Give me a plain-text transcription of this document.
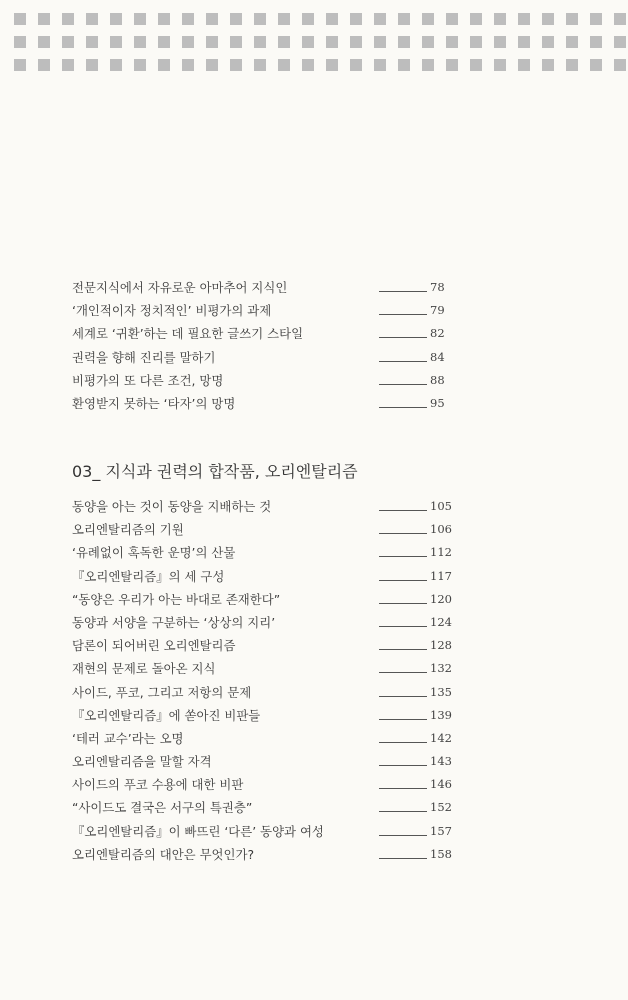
전문지식에서 자유로운 아마추어 지식인	78
‘개인적이자 정치적인’ 비평가의 과제	79
세계로 ‘귀환’하는 데 필요한 글쓰기 스타일	82
권력을 향해 진리를 말하기	84
비평가의 또 다른 조건, 망명	88
환영받지 못하는 ‘타자’의 망명	95
03_ 지식과 권력의 합작품, 오리엔탈리즘
동양을 아는 것이 동양을 지배하는 것	105
오리엔탈리즘의 기원	106
‘유례없이 혹독한 운명’의 산물	112
『오리엔탈리즘』의 세 구성	117
“동양은 우리가 아는 바대로 존재한다”	120
동양과 서양을 구분하는 ‘상상의 지리’	124
담론이 되어버린 오리엔탈리즘	128
재현의 문제로 돌아온 지식	132
사이드, 푸코, 그리고 저항의 문제	135
『오리엔탈리즘』에 쏟아진 비판들	139
‘테러 교수’라는 오명	142
오리엔탈리즘을 말할 자격	143
사이드의 푸코 수용에 대한 비판	146
“사이드도 결국은 서구의 특권층”	152
『오리엔탈리즘』이 빠뜨린 ‘다른’ 동양과 여성	157
오리엔탈리즘의 대안은 무엇인가?	158
